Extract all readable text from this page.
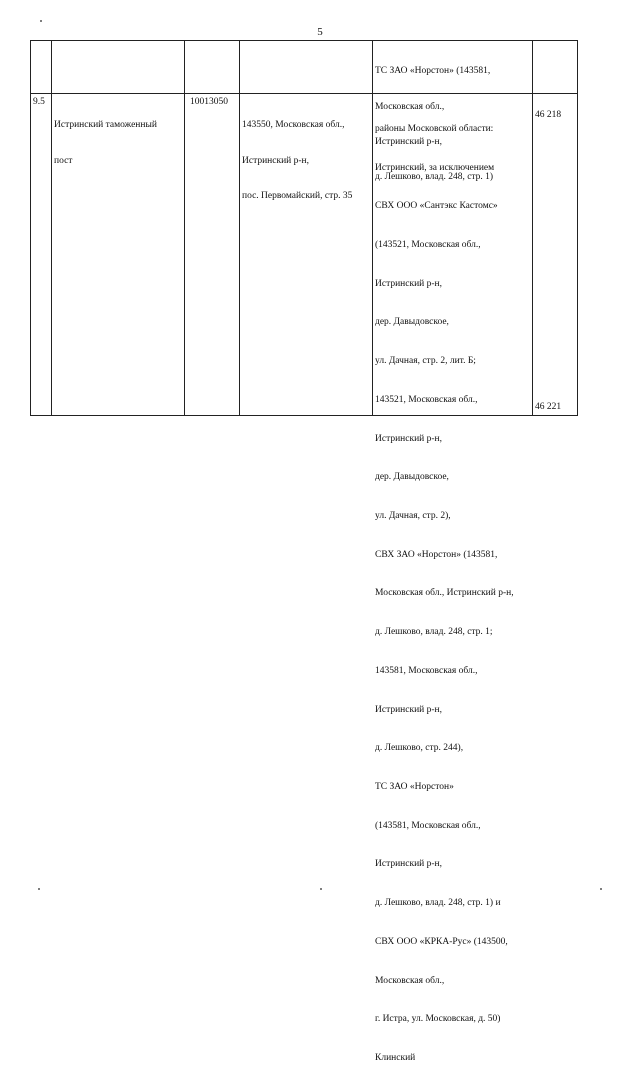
5

ТС ЗАО «Норстон» (143581,

Московская обл.,

Истринский р-н,

д. Лешково, влад. 248, стр. 1)

9.5

Истринский таможенный

пост

10013050

143550, Московская обл.,

Истринский р-н,

пос. Первомайский, стр. 35

районы Московской области:

Истринский, за исключением

СВХ ООО «Сантэкс Кастомс»

(143521, Московская обл.,

Истринский р-н,

дер. Давыдовское,

ул. Дачная, стр. 2, лит. Б;

143521, Московская обл.,

Истринский р-н,

дер. Давыдовское,

ул. Дачная, стр. 2),

СВХ ЗАО «Норстон» (143581,

Московская обл., Истринский р-н,

д. Лешково, влад. 248, стр. 1;

143581, Московская обл.,

Истринский р-н,

д. Лешково, стр. 244),

ТС ЗАО «Норстон»

(143581, Московская обл.,

Истринский р-н,

д. Лешково, влад. 248, стр. 1) и

СВХ ООО «КРКА-Рус» (143500,

Московская обл.,

г. Истра, ул. Московская, д. 50)

Клинский

46 218
46 221
